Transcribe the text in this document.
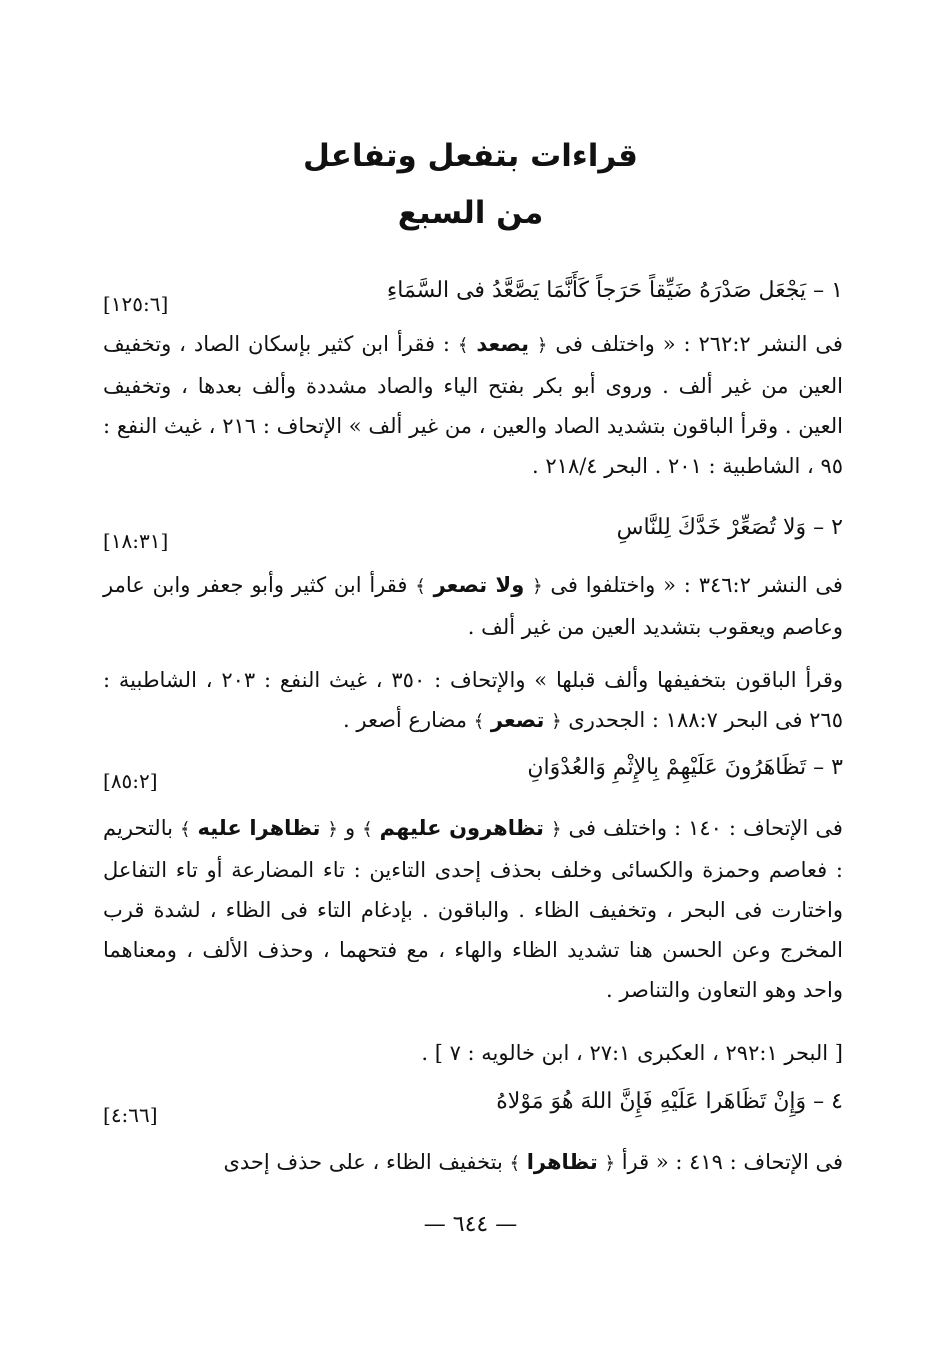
قراءات بتفعل وتفاعل
من السبع
١ – يَجْعَل صَدْرَهُ ضَيِّقاً حَرَجاً كَأَنَّمَا يَصَّعَّدُ فى السَّمَاءِ
[١٢٥:٦]
فى النشر ٢٦٢:٢ : « واختلف فى ﴿ يصعد ﴾ : فقرأ ابن كثير بإسكان الصاد ، وتخفيف العين من غير ألف . وروى أبو بكر بفتح الياء والصاد مشددة وألف بعدها ، وتخفيف العين . وقرأ الباقون بتشديد الصاد والعين ، من غير ألف » الإتحاف : ٢١٦ ، غيث النفع : ٩٥ ، الشاطبية : ٢٠١ . البحر ٢١٨/٤ .
٢ – وَلا تُصَعِّرْ خَدَّكَ لِلنَّاسِ
[١٨:٣١]
فى النشر ٣٤٦:٢ : « واختلفوا فى ﴿ ولا تصعر ﴾ فقرأ ابن كثير وأبو جعفر وابن عامر وعاصم ويعقوب بتشديد العين من غير ألف .
وقرأ الباقون بتخفيفها وألف قبلها » والإتحاف : ٣٥٠ ، غيث النفع : ٢٠٣ ، الشاطبية : ٢٦٥ فى البحر ١٨٨:٧ : الجحدرى ﴿ تصعر ﴾ مضارع أصعر .
٣ – تَظَاهَرُونَ عَلَيْهِمْ بِالإِثْمِ وَالعُدْوَانِ
[٨٥:٢]
فى الإتحاف : ١٤٠ : واختلف فى ﴿ تظاهرون عليهم ﴾ و ﴿ تظاهرا عليه ﴾ بالتحريم : فعاصم وحمزة والكسائى وخلف بحذف إحدى التاءين : تاء المضارعة أو تاء التفاعل واختارت فى البحر ، وتخفيف الظاء . والباقون . بإدغام التاء فى الظاء ، لشدة قرب المخرج وعن الحسن هنا تشديد الظاء والهاء ، مع فتحهما ، وحذف الألف ، ومعناهما واحد وهو التعاون والتناصر .
[ البحر ٢٩٢:١ ، العكبرى ٢٧:١ ، ابن خالويه : ٧ ] .
٤ – وَإِنْ تَظَاهَرا عَلَيْهِ فَإِنَّ اللهَ هُوَ مَوْلاهُ
[٤:٦٦]
فى الإتحاف : ٤١٩ : « قرأ ﴿ تظاهرا ﴾ بتخفيف الظاء ، على حذف إحدى
— ٦٤٤ —
